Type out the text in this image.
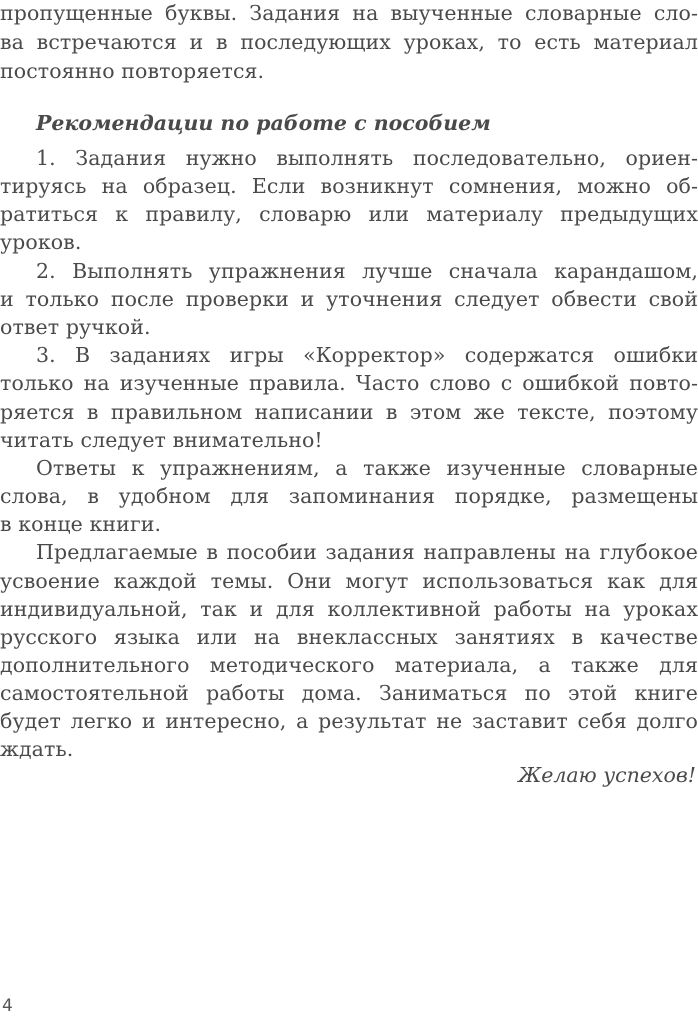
пропущенные буквы. Задания на выученные словарные сло-
ва встречаются и в последующих уроках, то есть материал
постоянно повторяется.
Рекомендации по работе с пособием
1. Задания нужно выполнять последовательно, ориен-
тируясь на образец. Если возникнут сомнения, можно об-
ратиться к правилу, словарю или материалу предыдущих
уроков.
2. Выполнять упражнения лучше сначала карандашом,
и только после проверки и уточнения следует обвести свой
ответ ручкой.
3. В заданиях игры «Корректор» содержатся ошибки
только на изученные правила. Часто слово с ошибкой повто-
ряется в правильном написании в этом же тексте, поэтому
читать следует внимательно!
Ответы к упражнениям, а также изученные словарные
слова, в удобном для запоминания порядке, размещены
в конце книги.
Предлагаемые в пособии задания направлены на глубокое
усвоение каждой темы. Они могут использоваться как для
индивидуальной, так и для коллективной работы на уроках
русского языка или на внеклассных занятиях в качестве
дополнительного методического материала, а также для
самостоятельной работы дома. Заниматься по этой книге
будет легко и интересно, а результат не заставит себя долго
ждать.
Желаю успехов!
4
